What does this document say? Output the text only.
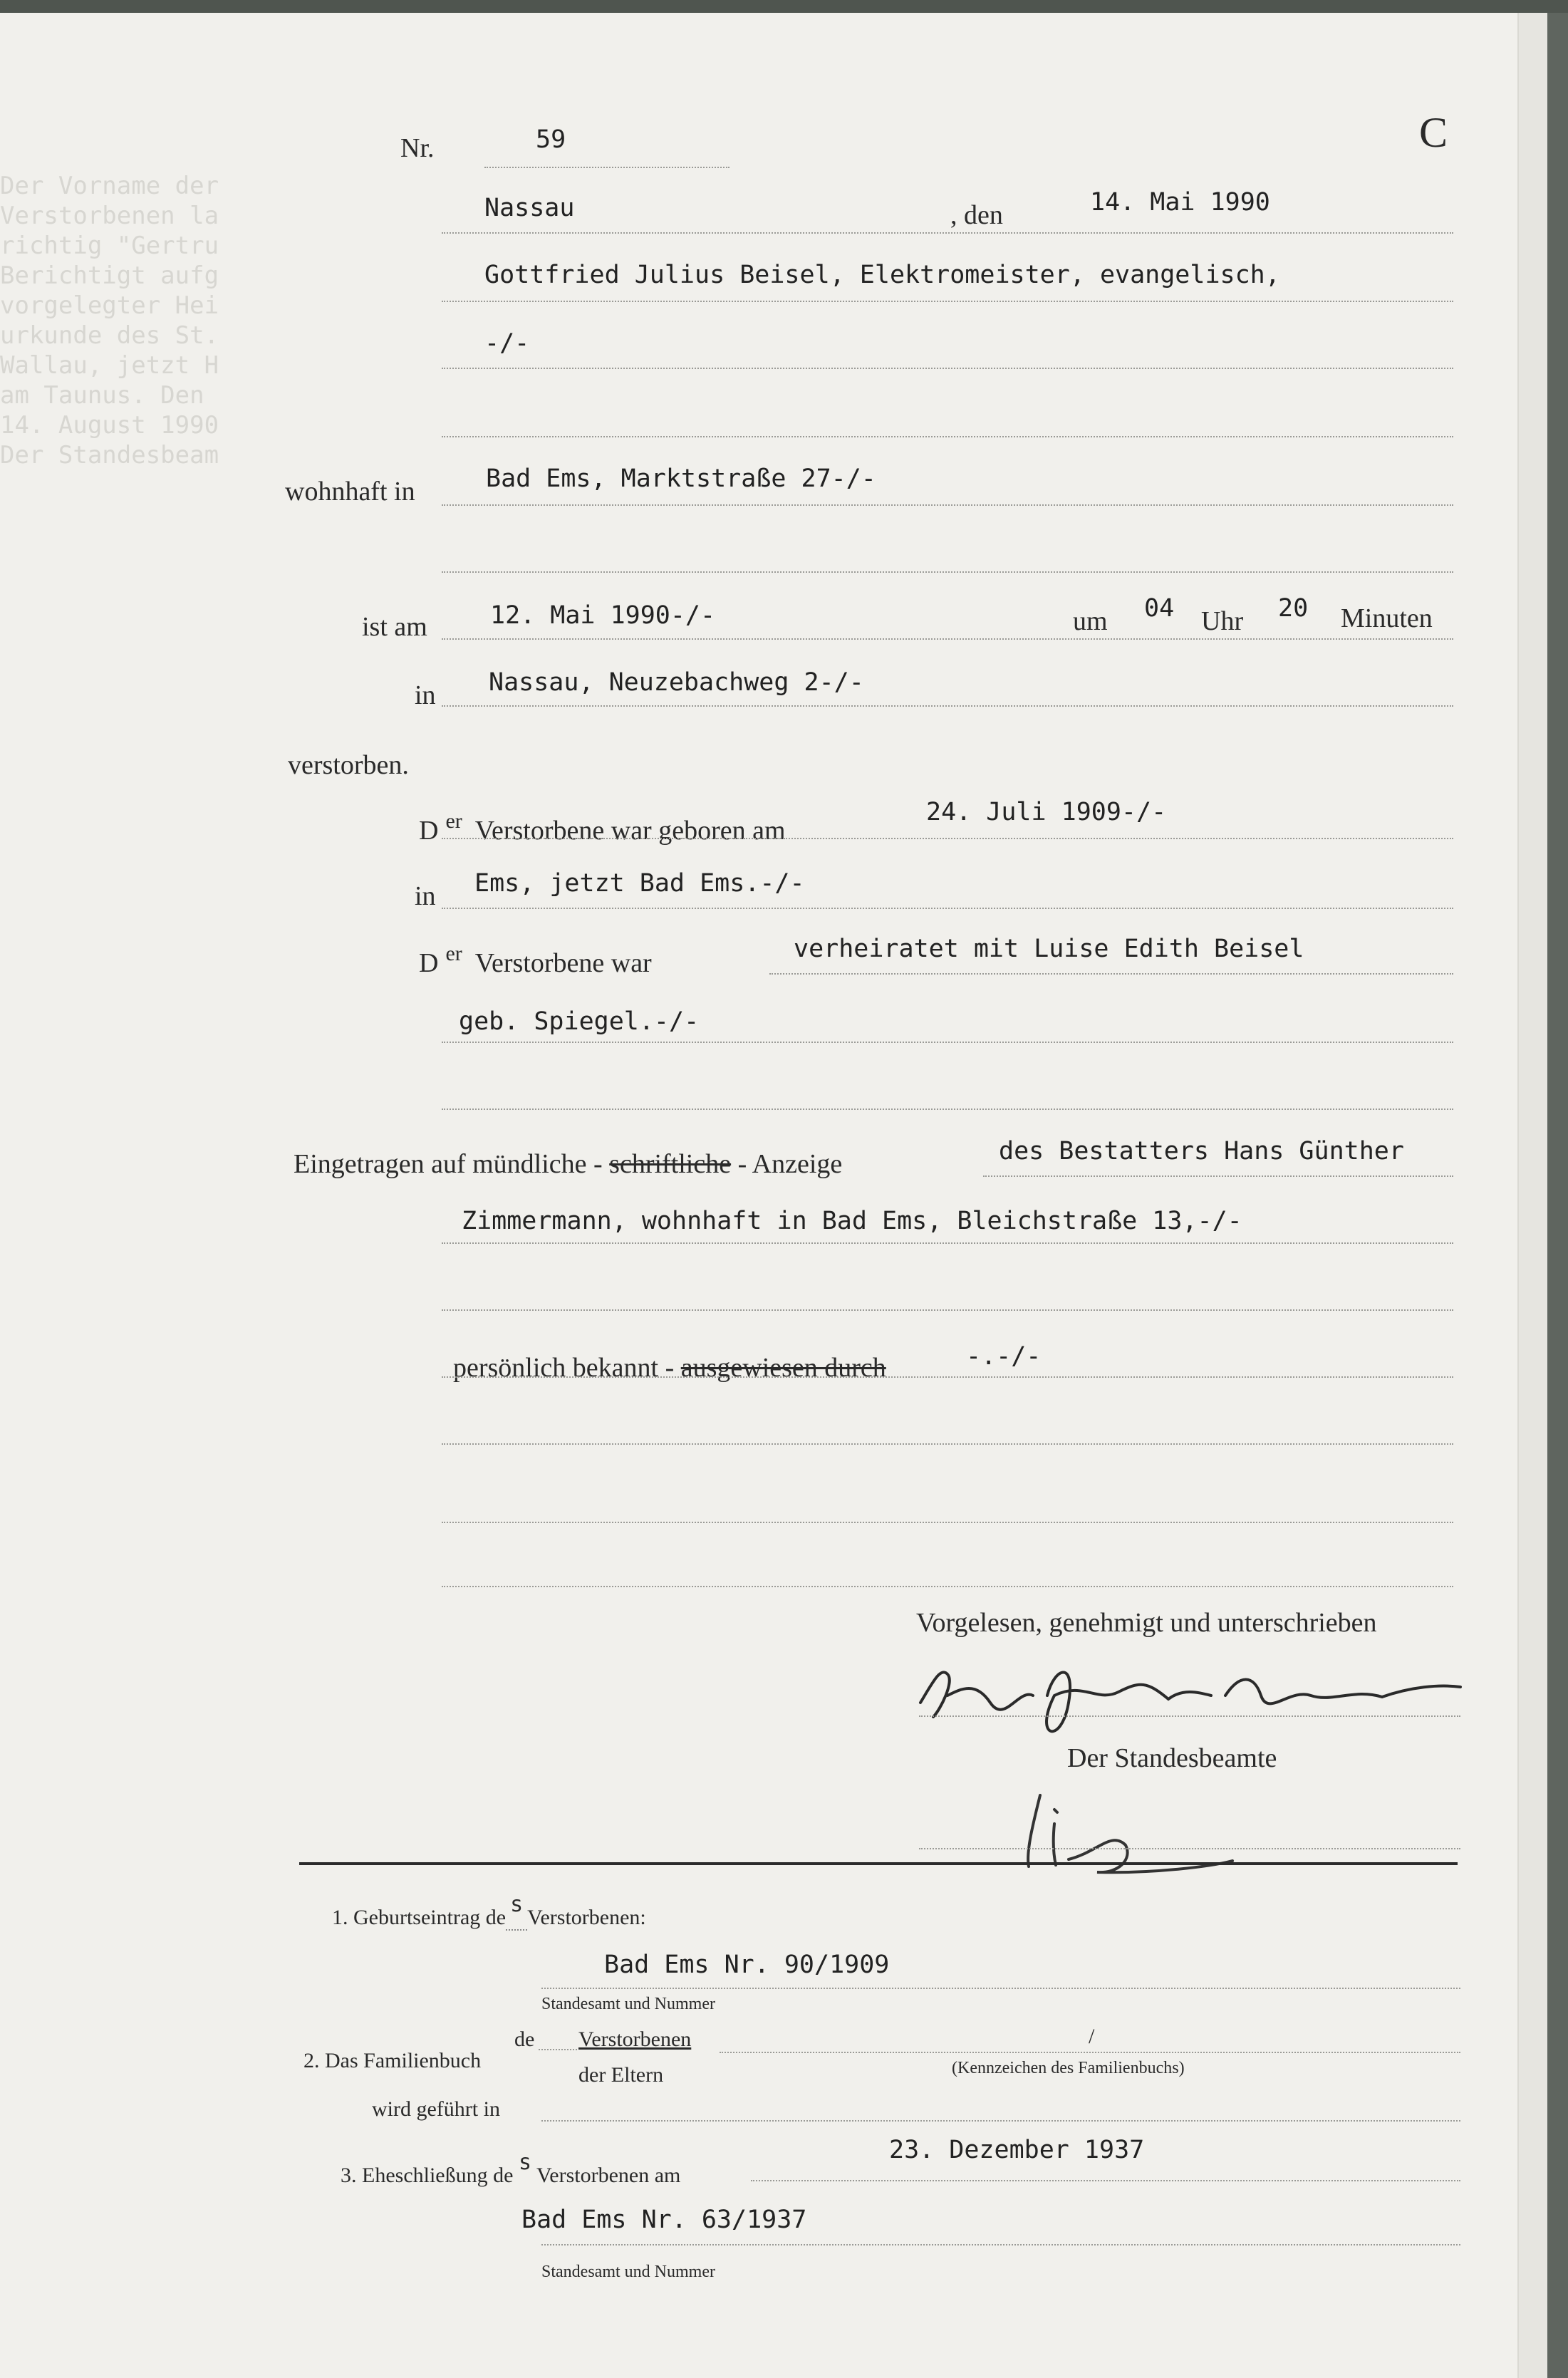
Der Vorname der
Verstorbenen la
richtig "Gertru
Berichtigt aufg
vorgelegter Hei
urkunde des St.
Wallau, jetzt H
am Taunus. Den
14. August 1990
Der Standesbeam
Nr.	59	C
Nassau	, den	14. Mai 1990
Gottfried Julius Beisel, Elektromeister, evangelisch,
-/-
wohnhaft in	Bad Ems, Marktstraße 27-/-
ist am	12. Mai 1990-/-	um 04 Uhr 20 Minuten
in Nassau, Neuzebachweg 2-/-
verstorben.
D $^{er}$ Verstorbene war geboren am
24. Juli 1909-/-
in Ems, jetzt Bad Ems.-/-
D $^{er}$ Verstorbene war	verheiratet mit Luise Edith Beisel
geb. Spiegel.-/-
Eingetragen auf mündliche - schriftliche - Anzeige	des Bestatters Hans Günther
Zimmermann, wohnhaft in Bad Ems, Bleichstraße 13,-/-
persönlich bekannt - ausgewiesen durch	-.-/-
Vorgelesen, genehmigt und unterschrieben
Der Standesbeamte
1. Geburtseintrag desVerstorbenen:
Bad Ems Nr. 90/1909
Standesamt und Nummer
2. Das Familienbuch
de Verstorbenen
der Eltern
/
(Kennzeichen des Familienbuchs)
wird geführt in
3. Eheschließung de s Verstorbenen am
23. Dezember 1937
Bad Ems Nr. 63/1937
Standesamt und Nummer
